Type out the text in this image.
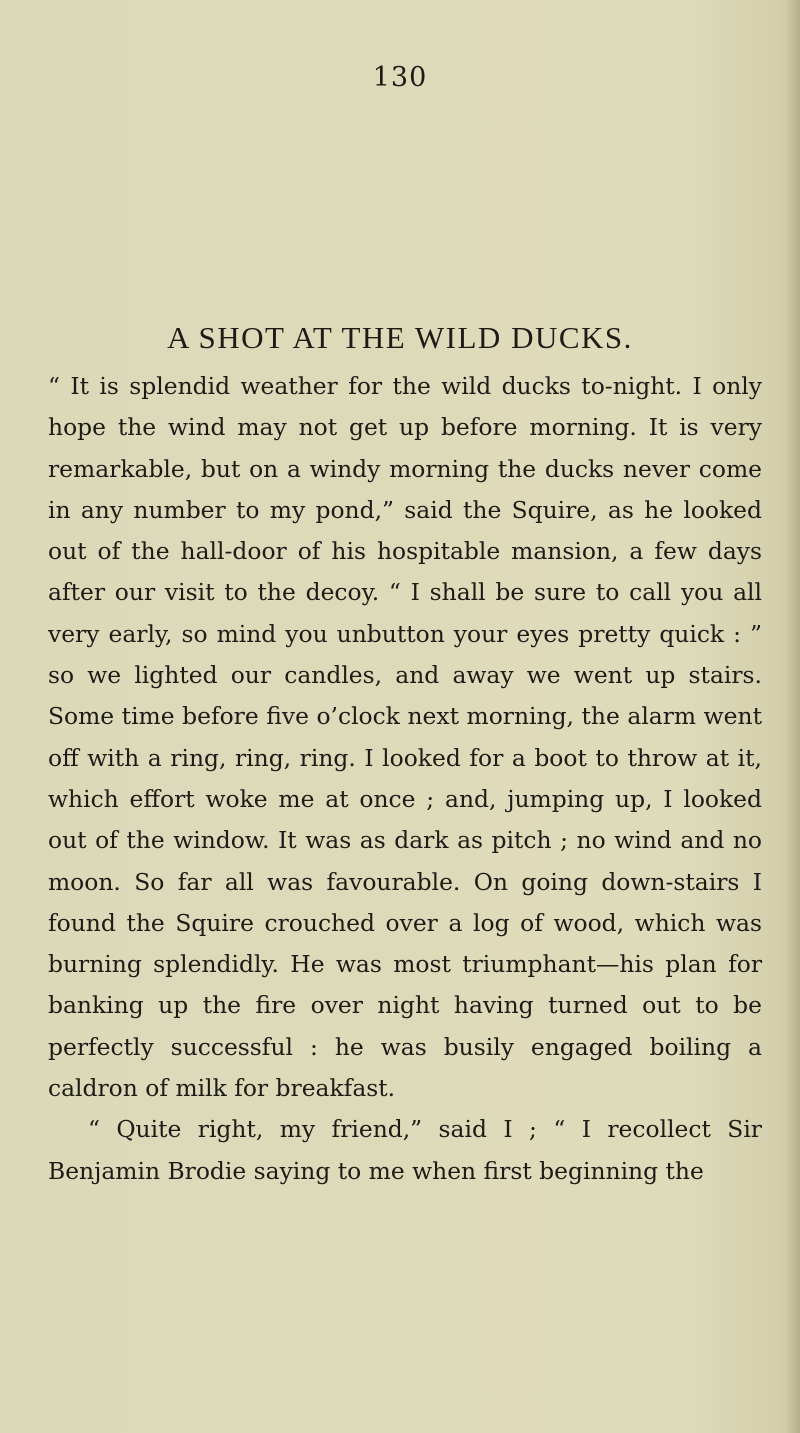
130
A SHOT AT THE WILD DUCKS.

“ It is splendid weather for the wild ducks to-night. I only hope the wind may not get up before morning. It is very remarkable, but on a windy morning the ducks never come in any number to my pond,” said the Squire, as he looked out of the hall-door of his hospitable mansion, a few days after our visit to the decoy. “ I shall be sure to call you all very early, so mind you unbutton your eyes pretty quick : ” so we lighted our candles, and away we went up stairs. Some time before five o’clock next morning, the alarm went off with a ring, ring, ring. I looked for a boot to throw at it, which effort woke me at once ; and, jumping up, I looked out of the window. It was as dark as pitch ; no wind and no moon. So far all was favourable. On going down-stairs I found the Squire crouched over a log of wood, which was burning splendidly. He was most triumphant—his plan for banking up the fire over night having turned out to be perfectly successful : he was busily engaged boiling a caldron of milk for breakfast.

“ Quite right, my friend,” said I ; “ I recollect Sir Benjamin Brodie saying to me when first beginning the
